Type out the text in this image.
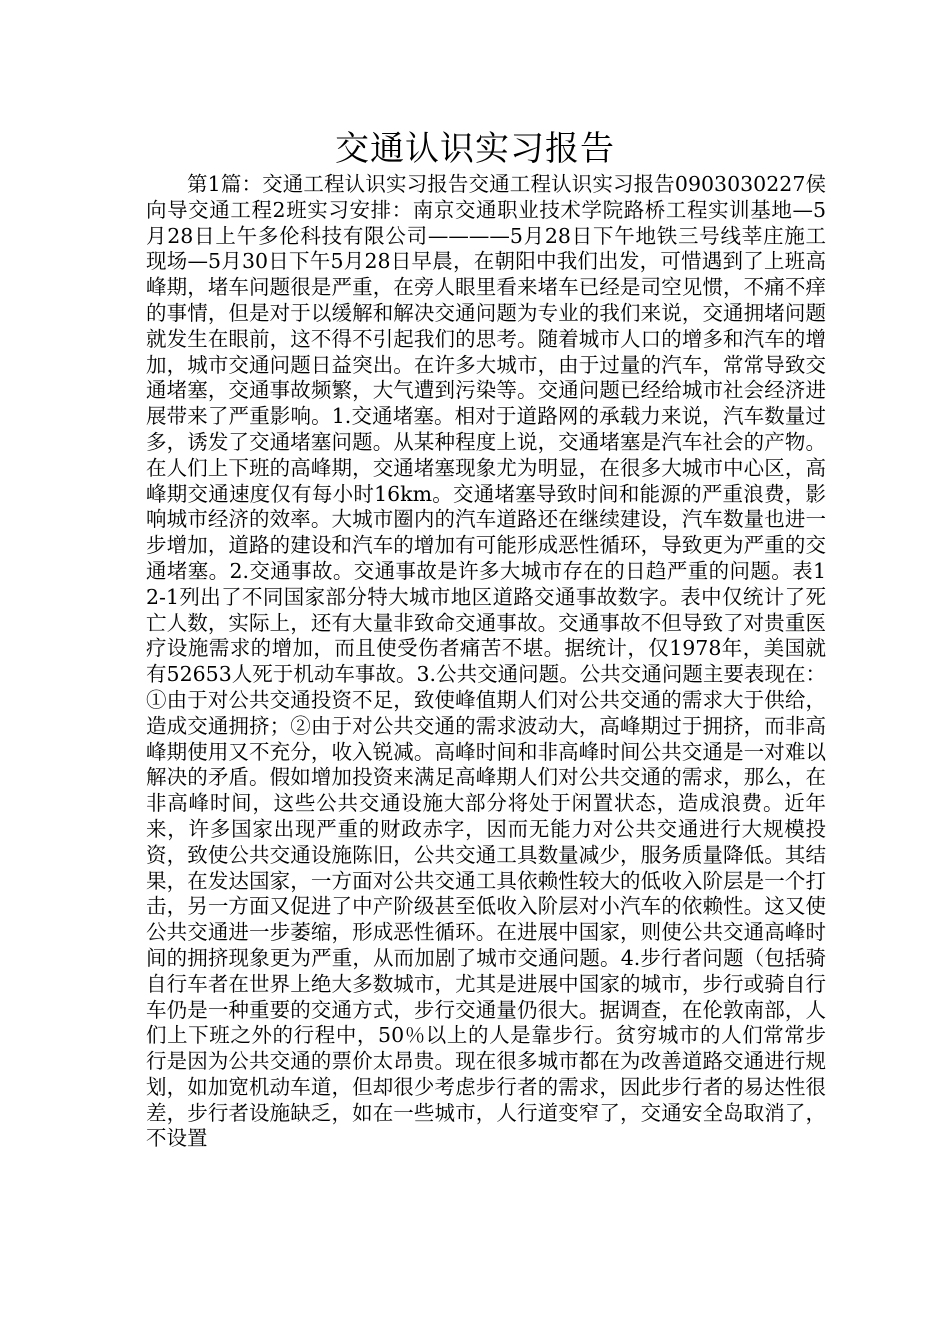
交通认识实习报告

第1篇：交通工程认识实习报告交通工程认识实习报告0903030227侯向导交通工程2班实习安排：南京交通职业技术学院路桥工程实训基地—5月28日上午多伦科技有限公司————5月28日下午地铁三号线莘庄施工现场—5月30日下午5月28日早晨，在朝阳中我们出发，可惜遇到了上班高峰期，堵车问题很是严重，在旁人眼里看来堵车已经是司空见惯，不痛不痒的事情，但是对于以缓解和解决交通问题为专业的我们来说，交通拥堵问题就发生在眼前，这不得不引起我们的思考。随着城市人口的增多和汽车的增加，城市交通问题日益突出。在许多大城市，由于过量的汽车，常常导致交通堵塞，交通事故频繁，大气遭到污染等。交通问题已经给城市社会经济进展带来了严重影响。1.交通堵塞。相对于道路网的承载力来说，汽车数量过多，诱发了交通堵塞问题。从某种程度上说，交通堵塞是汽车社会的产物。在人们上下班的高峰期，交通堵塞现象尤为明显，在很多大城市中心区，高峰期交通速度仅有每小时16km。交通堵塞导致时间和能源的严重浪费，影响城市经济的效率。大城市圈内的汽车道路还在继续建设，汽车数量也进一步增加，道路的建设和汽车的增加有可能形成恶性循环，导致更为严重的交通堵塞。2.交通事故。交通事故是许多大城市存在的日趋严重的问题。表12-1列出了不同国家部分特大城市地区道路交通事故数字。表中仅统计了死亡人数，实际上，还有大量非致命交通事故。交通事故不但导致了对贵重医疗设施需求的增加，而且使受伤者痛苦不堪。据统计，仅1978年，美国就有52653人死于机动车事故。3.公共交通问题。公共交通问题主要表现在：①由于对公共交通投资不足，致使峰值期人们对公共交通的需求大于供给，造成交通拥挤；②由于对公共交通的需求波动大，高峰期过于拥挤，而非高峰期使用又不充分，收入锐减。高峰时间和非高峰时间公共交通是一对难以解决的矛盾。假如增加投资来满足高峰期人们对公共交通的需求，那么，在非高峰时间，这些公共交通设施大部分将处于闲置状态，造成浪费。近年来，许多国家出现严重的财政赤字，因而无能力对公共交通进行大规模投资，致使公共交通设施陈旧，公共交通工具数量减少，服务质量降低。其结果，在发达国家，一方面对公共交通工具依赖性较大的低收入阶层是一个打击，另一方面又促进了中产阶级甚至低收入阶层对小汽车的依赖性。这又使公共交通进一步萎缩，形成恶性循环。在进展中国家，则使公共交通高峰时间的拥挤现象更为严重，从而加剧了城市交通问题。4.步行者问题（包括骑自行车者在世界上绝大多数城市，尤其是进展中国家的城市，步行或骑自行车仍是一种重要的交通方式，步行交通量仍很大。据调查，在伦敦南部，人们上下班之外的行程中，50％以上的人是靠步行。贫穷城市的人们常常步行是因为公共交通的票价太昂贵。现在很多城市都在为改善道路交通进行规划，如加宽机动车道，但却很少考虑步行者的需求，因此步行者的易达性很差，步行者设施缺乏，如在一些城市，人行道变窄了，交通安全岛取消了，不设置
